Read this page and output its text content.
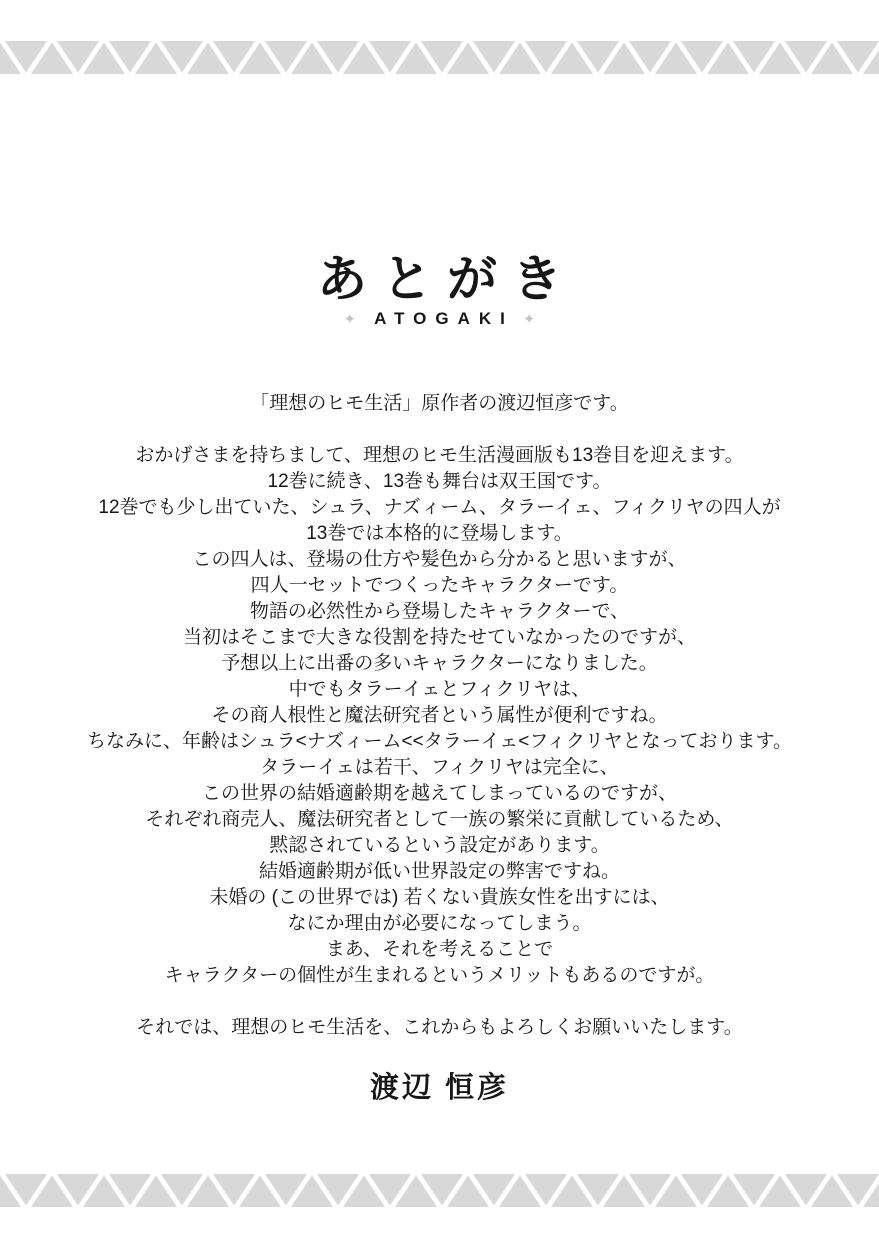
あとがき
✦	ATOGAKI ✦
「理想のヒモ生活」原作者の渡辺恒彦です。
おかげさまを持ちまして、理想のヒモ生活漫画版も13巻目を迎えます。
12巻に続き、13巻も舞台は双王国です。
12巻でも少し出ていた、シュラ、ナズィーム、タラーイェ、フィクリヤの四人が
13巻では本格的に登場します。
この四人は、登場の仕方や髪色から分かると思いますが、
四人一セットでつくったキャラクターです。
物語の必然性から登場したキャラクターで、
当初はそこまで大きな役割を持たせていなかったのですが、
予想以上に出番の多いキャラクターになりました。
中でもタラーイェとフィクリヤは、
その商人根性と魔法研究者という属性が便利ですね。
ちなみに、年齢はシュラ<ナズィーム<<タラーイェ<フィクリヤとなっております。
タラーイェは若干、フィクリヤは完全に、
この世界の結婚適齢期を越えてしまっているのですが、
それぞれ商売人、魔法研究者として一族の繁栄に貢献しているため、
黙認されているという設定があります。
結婚適齢期が低い世界設定の弊害ですね。
未婚の (この世界では) 若くない貴族女性を出すには、
なにか理由が必要になってしまう。
まあ、それを考えることで
キャラクターの個性が生まれるというメリットもあるのですが。
それでは、理想のヒモ生活を、これからもよろしくお願いいたします。
渡辺 恒彦
